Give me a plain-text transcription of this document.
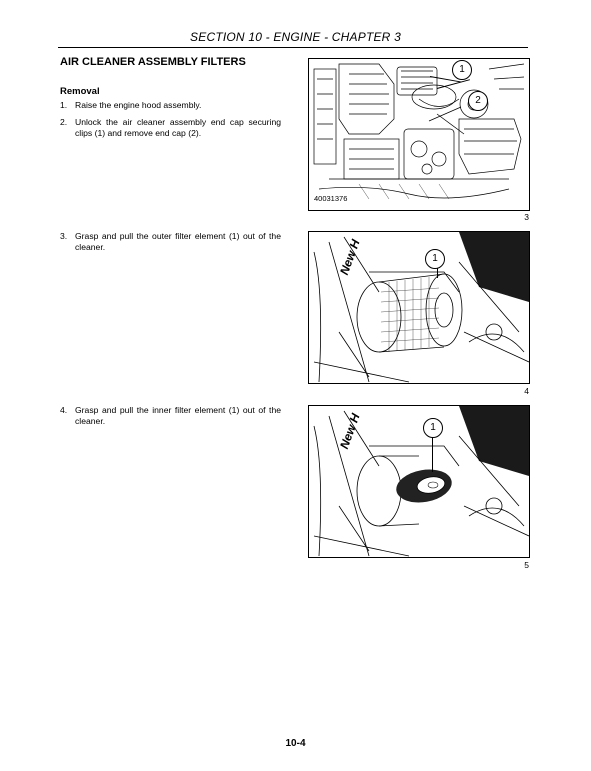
SECTION 10 - ENGINE - CHAPTER 3
AIR CLEANER ASSEMBLY FILTERS
Removal
1. Raise the engine hood assembly.
2. Unlock the air cleaner assembly end cap securing clips (1) and remove end cap (2).
3. Grasp and pull the outer filter element (1) out of the cleaner.
4. Grasp and pull the inner filter element (1) out of the cleaner.
40031376
1
2
3
New H	1
4
New H	1
5
10-4
